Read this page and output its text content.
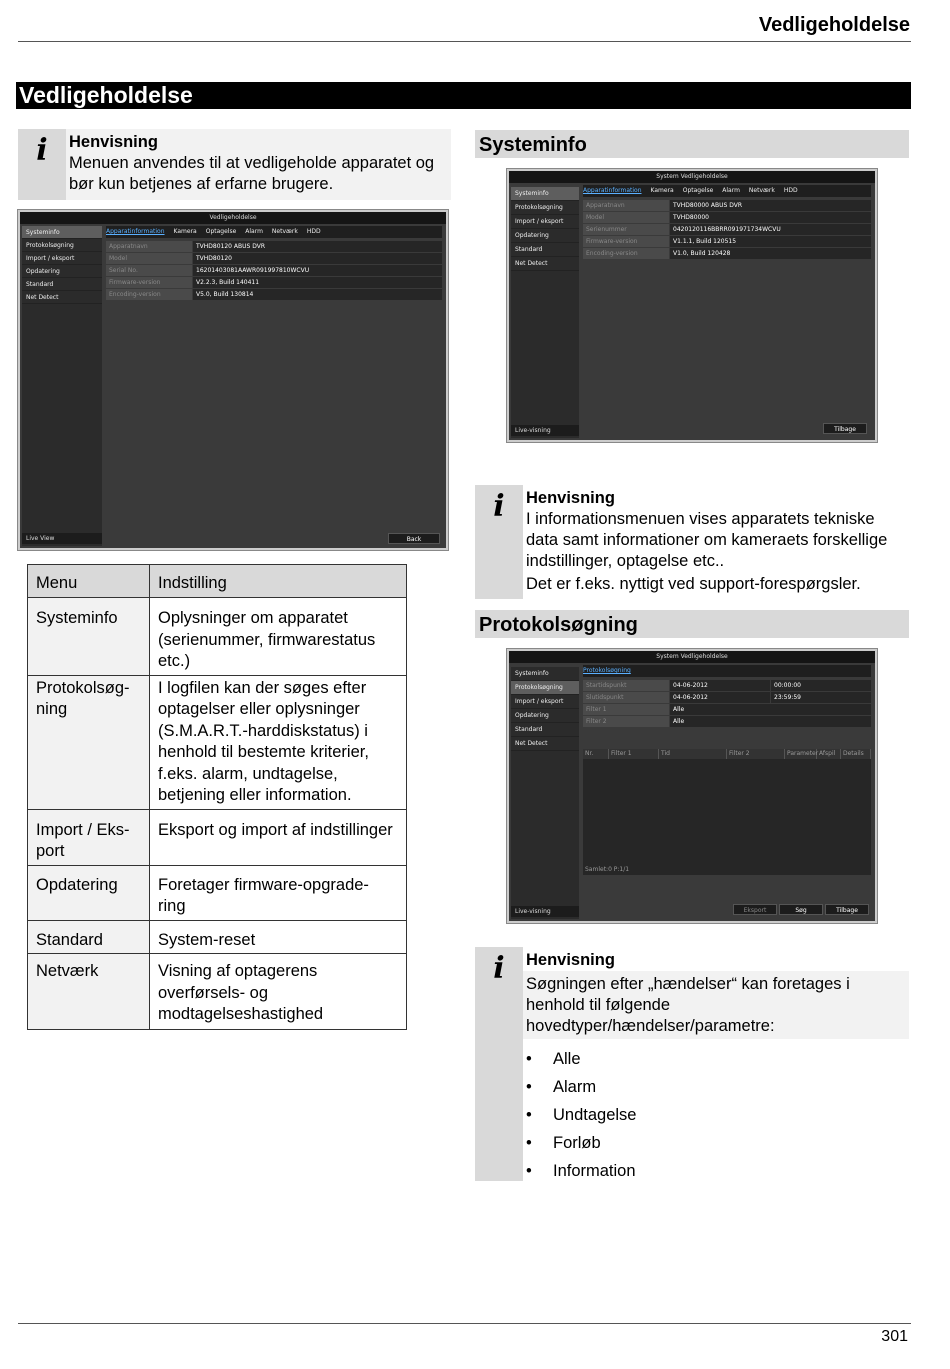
Vedligeholdelse
Vedligeholdelse
i	Henvisning
Menuen anvendes til at vedligeholde apparatet og bør kun betjenes af erfarne brugere.
Vedligeholdelse
Systeminfo
Protokolsøgning
Import / eksport
Opdatering
Standard
Net Detect
Live View
Apparatinformation Kamera Optagelse Alarm Netværk HDD
Apparatnavn	TVHD80120 ABUS DVR
Model	TVHD80120
Serial No.	16201403081AAWR091997810WCVU
Firmware-version	V2.2.3, Build 140411
Encoding-version	V5.0, Build 130814
Back
Menu	Indstilling
Systeminfo	Oplysninger om apparatet (serienummer, firmwarestatus etc.)
Protokolsøg-
ning	I logfilen kan der søges efter optagelser eller oplysninger (S.M.A.R.T.-harddiskstatus) i henhold til bestemte kriterier, f.eks. alarm, undtagelse, betjening eller information.
Import / Eks-
port	Eksport og import af indstillinger
Opdatering	Foretager firmware-opgrade-
ring
Standard	System-reset
Netværk	Visning af optagerens overførsels- og modtagelseshastighed
Systeminfo
System Vedligeholdelse
Systeminfo
Protokolsøgning
Import / eksport
Opdatering
Standard
Net Detect
Live-visning
Apparatinformation Kamera Optagelse Alarm Netværk HDD
Apparatnavn	TVHD80000 ABUS DVR
Model	TVHD80000
Serienummer	0420120116BBRR091971734WCVU
Firmware-version	V1.1.1, Build 120515
Encoding-version	V1.0, Build 120428
Tilbage
i	Henvisning
I informationsmenuen vises apparatets tekniske data samt informationer om kameraets forskellige indstillinger, optagelse etc..
Det er f.eks. nyttigt ved support-forespørgsler.
Protokolsøgning
System Vedligeholdelse
Systeminfo
Protokolsøgning
Import / eksport
Opdatering
Standard
Net Detect
Live-visning
Protokolsøgning
Startidspunkt	04-06-2012	00:00:00
Slutidspunkt	04-06-2012	23:59:59
Filter 1	Alle
Filter 2	Alle
Nr.	Filter 1	Tid	Filter 2	Parameter Afspil	Details
Samlet:0 P:1/1
Eksport	Søg	Tilbage
i	Henvisning
Søgningen efter „hændelser“ kan foretages i henhold til følgende hovedtyper/hændelser/parametre:
• Alle
• Alarm
• Undtagelse
• Forløb
• Information
301
